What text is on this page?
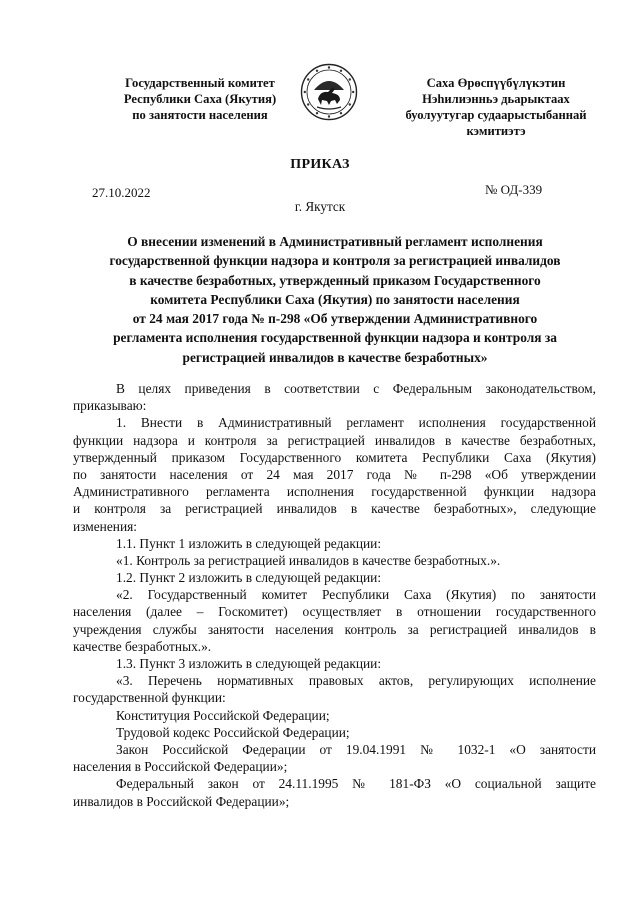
Государственный комитет
Республики Саха (Якутия)
по занятости населения
Саха Өрөспүүбүлүкэтин
Нэһилиэнньэ дьарыктаах
буолуутугар судаарыстыбаннай
кэмитиэтэ
ПРИКАЗ
27.10.2022	№ ОД-339
г. Якутск
О внесении изменений в Административный регламент исполнения
государственной функции надзора и контроля за регистрацией инвалидов
в качестве безработных, утвержденный приказом Государственного
комитета Республики Саха (Якутия) по занятости населения
от 24 мая 2017 года № п-298 «Об утверждении Административного
регламента исполнения государственной функции надзора и контроля за
регистрацией инвалидов в качестве безработных»
В целях приведения в соответствии с Федеральным законодательством,
приказываю:
1. Внести в Административный регламент исполнения государственной
функции надзора и контроля за регистрацией инвалидов в качестве безработных,
утвержденный приказом Государственного комитета Республики Саха (Якутия)
по занятости населения от 24 мая 2017 года № п-298 «Об утверждении
Административного регламента исполнения государственной функции надзора
и контроля за регистрацией инвалидов в качестве безработных», следующие
изменения:
1.1. Пункт 1 изложить в следующей редакции:
«1. Контроль за регистрацией инвалидов в качестве безработных.».
1.2. Пункт 2 изложить в следующей редакции:
«2. Государственный комитет Республики Саха (Якутия) по занятости
населения (далее – Госкомитет) осуществляет в отношении государственного
учреждения службы занятости населения контроль за регистрацией инвалидов в
качестве безработных.».
1.3. Пункт 3 изложить в следующей редакции:
«3. Перечень нормативных правовых актов, регулирующих исполнение
государственной функции:
Конституция Российской Федерации;
Трудовой кодекс Российской Федерации;
Закон Российской Федерации от 19.04.1991 № 1032-1 «О занятости
населения в Российской Федерации»;
Федеральный закон от 24.11.1995 № 181-ФЗ «О социальной защите
инвалидов в Российской Федерации»;
